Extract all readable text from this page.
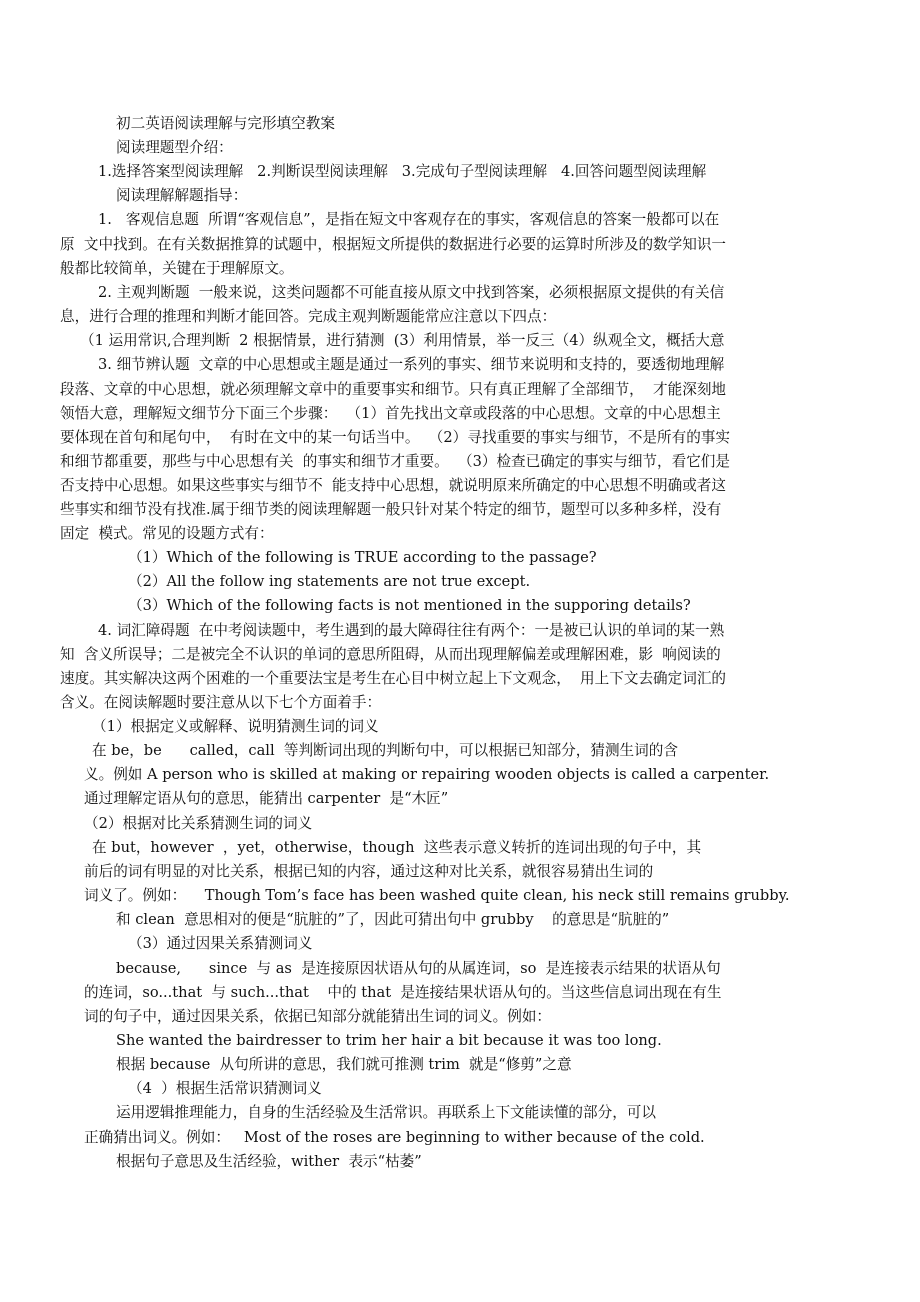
初二英语阅读理解与完形填空教案
阅读理题型介绍：
1.选择答案型阅读理解   2.判断误型阅读理解   3.完成句子型阅读理解   4.回答问题型阅读理解
阅读理解解题指导：
1.   客观信息题  所谓“客观信息”，是指在短文中客观存在的事实，客观信息的答案一般都可以在
原  文中找到。在有关数据推算的试题中，根据短文所提供的数据进行必要的运算时所涉及的数学知识一
般都比较简单，关键在于理解原文。
2. 主观判断题  一般来说，这类问题都不可能直接从原文中找到答案，必须根据原文提供的有关信
息，进行合理的推理和判断才能回答。完成主观判断题能常应注意以下四点：
（1 运用常识,合理判断  2 根据情景，进行猜测  (3）利用情景，举一反三（4）纵观全文，概括大意
3. 细节辨认题  文章的中心思想或主题是通过一系列的事实、细节来说明和支持的，要透彻地理解
段落、文章的中心思想，就必须理解文章中的重要事实和细节。只有真正理解了全部细节，  才能深刻地
领悟大意，理解短文细节分下面三个步骤：  （1）首先找出文章或段落的中心思想。文章的中心思想主
要体现在首句和尾句中，  有时在文中的某一句话当中。  （2）寻找重要的事实与细节，不是所有的事实
和细节都重要，那些与中心思想有关  的事实和细节才重要。  （3）检查已确定的事实与细节，看它们是
否支持中心思想。如果这些事实与细节不  能支持中心思想，就说明原来所确定的中心思想不明确或者这
些事实和细节没有找准.属于细节类的阅读理解题一般只针对某个特定的细节，题型可以多种多样，没有
固定  模式。常见的设题方式有：
（1）Which of the following is TRUE according to the passage?
（2）All the follow ing statements are not true except.
（3）Which of the following facts is not mentioned in the supporing details?
4. 词汇障碍题  在中考阅读题中，考生遇到的最大障碍往往有两个：一是被已认识的单词的某一熟
知  含义所误导；二是被完全不认识的单词的意思所阻碍，从而出现理解偏差或理解困难，影  响阅读的
速度。其实解决这两个困难的一个重要法宝是考生在心目中树立起上下文观念，  用上下文去确定词汇的
含义。在阅读解题时要注意从以下七个方面着手：
（1）根据定义或解释、说明猜测生词的词义
在 be，be      called，call  等判断词出现的判断句中，可以根据已知部分，猜测生词的含
义。例如 A person who is skilled at making or repairing wooden objects is called a carpenter.
通过理解定语从句的意思，能猜出 carpenter  是“木匠”
（2）根据对比关系猜测生词的词义
在 but，however  ，yet，otherwise，though  这些表示意义转折的连词出现的句子中，其
前后的词有明显的对比关系，根据已知的内容，通过这种对比关系，就很容易猜出生词的
词义了。例如：    Though Tom’s face has been washed quite clean, his neck still remains grubby.
和 clean  意思相对的便是“肮脏的”了，因此可猜出句中 grubby    的意思是“肮脏的”
（3）通过因果关系猜测词义
because,      since  与 as  是连接原因状语从句的从属连词，so  是连接表示结果的状语从句
的连词，so...that  与 such...that    中的 that  是连接结果状语从句的。当这些信息词出现在有生
词的句子中，通过因果关系，依据已知部分就能猜出生词的词义。例如：
She wanted the bairdresser to trim her hair a bit because it was too long.
根据 because  从句所讲的意思，我们就可推测 trim  就是“修剪”之意
（4  ）根据生活常识猜测词义
运用逻辑推理能力，自身的生活经验及生活常识。再联系上下文能读懂的部分，可以
正确猜出词义。例如：   Most of the roses are beginning to wither because of the cold.
根据句子意思及生活经验，wither  表示“枯萎”
